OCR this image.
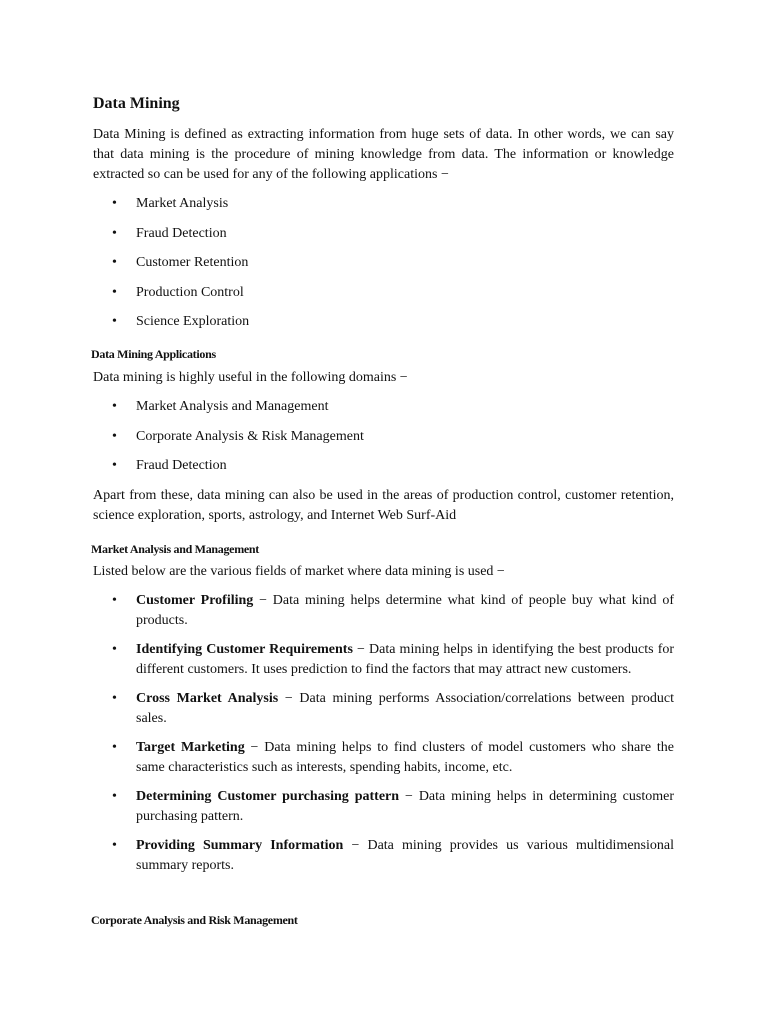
Data Mining

Data Mining is defined as extracting information from huge sets of data. In other words, we can say that data mining is the procedure of mining knowledge from data. The information or knowledge extracted so can be used for any of the following applications −

•	Market Analysis
•	Fraud Detection
•	Customer Retention
•	Production Control
•	Science Exploration
Data Mining Applications

Data mining is highly useful in the following domains −

•	Market Analysis and Management
•	Corporate Analysis & Risk Management
•	Fraud Detection

Apart from these, data mining can also be used in the areas of production control, customer retention, science exploration, sports, astrology, and Internet Web Surf-Aid

Market Analysis and Management

Listed below are the various fields of market where data mining is used −

•	Customer Profiling − Data mining helps determine what kind of people buy what kind of products.
•	Identifying Customer Requirements − Data mining helps in identifying the best products for different customers. It uses prediction to find the factors that may attract new customers.
•	Cross Market Analysis − Data mining performs Association/correlations between product sales.
•	Target Marketing − Data mining helps to find clusters of model customers who share the same characteristics such as interests, spending habits, income, etc.
•	Determining Customer purchasing pattern − Data mining helps in determining customer purchasing pattern.
•	Providing Summary Information − Data mining provides us various multidimensional summary reports.
Corporate Analysis and Risk Management
